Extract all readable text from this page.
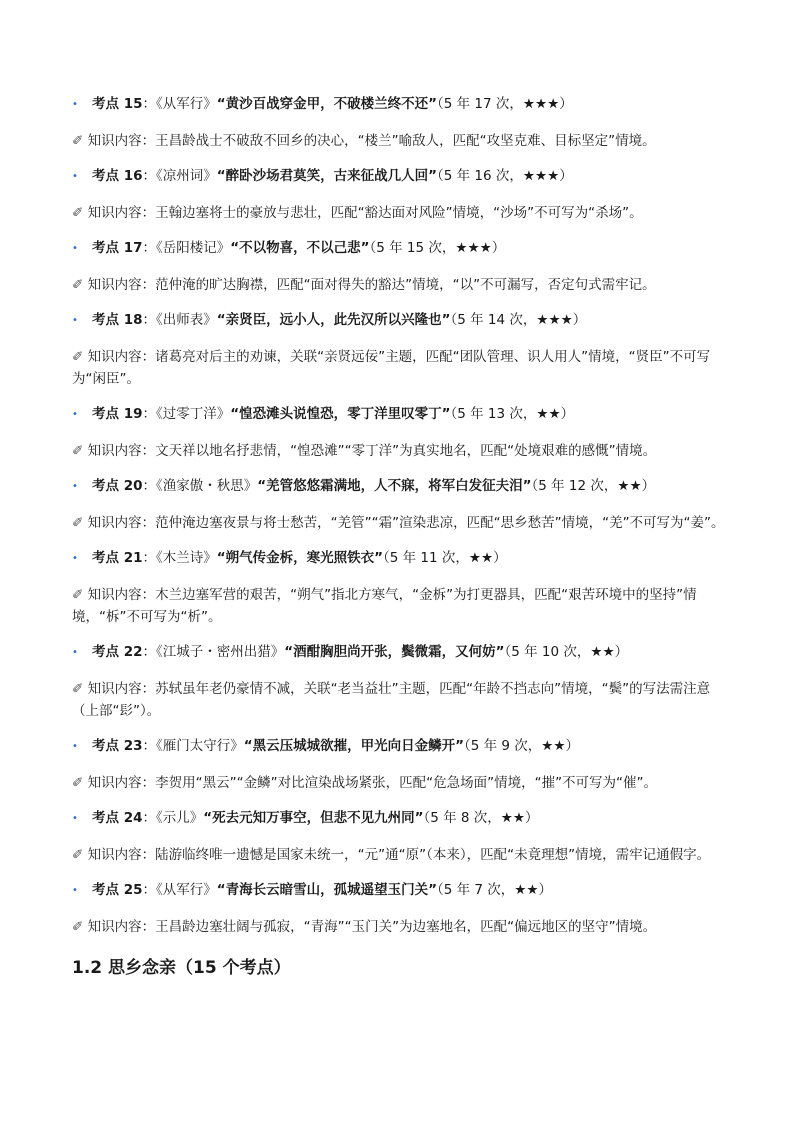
•	考点 15：《从军行》“黄沙百战穿金甲，不破楼兰终不还”（5 年 17 次，★★★）
✐ 知识内容：王昌龄战士不破敌不回乡的决心，“楼兰”喻敌人，匹配“攻坚克难、目标坚定”情境。
•	考点 16：《凉州词》“醉卧沙场君莫笑，古来征战几人回”（5 年 16 次，★★★）
✐ 知识内容：王翰边塞将士的豪放与悲壮，匹配“豁达面对风险”情境，“沙场”不可写为“杀场”。
•	考点 17：《岳阳楼记》“不以物喜，不以己悲”（5 年 15 次，★★★）
✐ 知识内容：范仲淹的旷达胸襟，匹配“面对得失的豁达”情境，“以”不可漏写，否定句式需牢记。
•	考点 18：《出师表》“亲贤臣，远小人，此先汉所以兴隆也”（5 年 14 次，★★★）
✐ 知识内容：诸葛亮对后主的劝谏，关联“亲贤远佞”主题，匹配“团队管理、识人用人”情境，“贤臣”不可写为“闲臣”。
•	考点 19：《过零丁洋》“惶恐滩头说惶恐，零丁洋里叹零丁”（5 年 13 次，★★）
✐ 知识内容：文天祥以地名抒悲情，“惶恐滩”“零丁洋”为真实地名，匹配“处境艰难的感慨”情境。
•	考点 20：《渔家傲・秋思》“羌管悠悠霜满地，人不寐，将军白发征夫泪”（5 年 12 次，★★）
✐ 知识内容：范仲淹边塞夜景与将士愁苦，“羌管”“霜”渲染悲凉，匹配“思乡愁苦”情境，“羌”不可写为“姜”。
•	考点 21：《木兰诗》“朔气传金柝，寒光照铁衣”（5 年 11 次，★★）
✐ 知识内容：木兰边塞军营的艰苦，“朔气”指北方寒气，“金柝”为打更器具，匹配“艰苦环境中的坚持”情境，“柝”不可写为“析”。
•	考点 22：《江城子・密州出猎》“酒酣胸胆尚开张，鬓微霜，又何妨”（5 年 10 次，★★）
✐ 知识内容：苏轼虽年老仍豪情不减，关联“老当益壮”主题，匹配“年龄不挡志向”情境，“鬓”的写法需注意（上部“髟”）。
•	考点 23：《雁门太守行》“黑云压城城欲摧，甲光向日金鳞开”（5 年 9 次，★★）
✐ 知识内容：李贺用“黑云”“金鳞”对比渲染战场紧张，匹配“危急场面”情境，“摧”不可写为“催”。
•	考点 24：《示儿》“死去元知万事空，但悲不见九州同”（5 年 8 次，★★）
✐ 知识内容：陆游临终唯一遗憾是国家未统一，“元”通“原”（本来），匹配“未竟理想”情境，需牢记通假字。
•	考点 25：《从军行》“青海长云暗雪山，孤城遥望玉门关”（5 年 7 次，★★）
✐ 知识内容：王昌龄边塞壮阔与孤寂，“青海”“玉门关”为边塞地名，匹配“偏远地区的坚守”情境。
1.2 思乡念亲（15 个考点）
